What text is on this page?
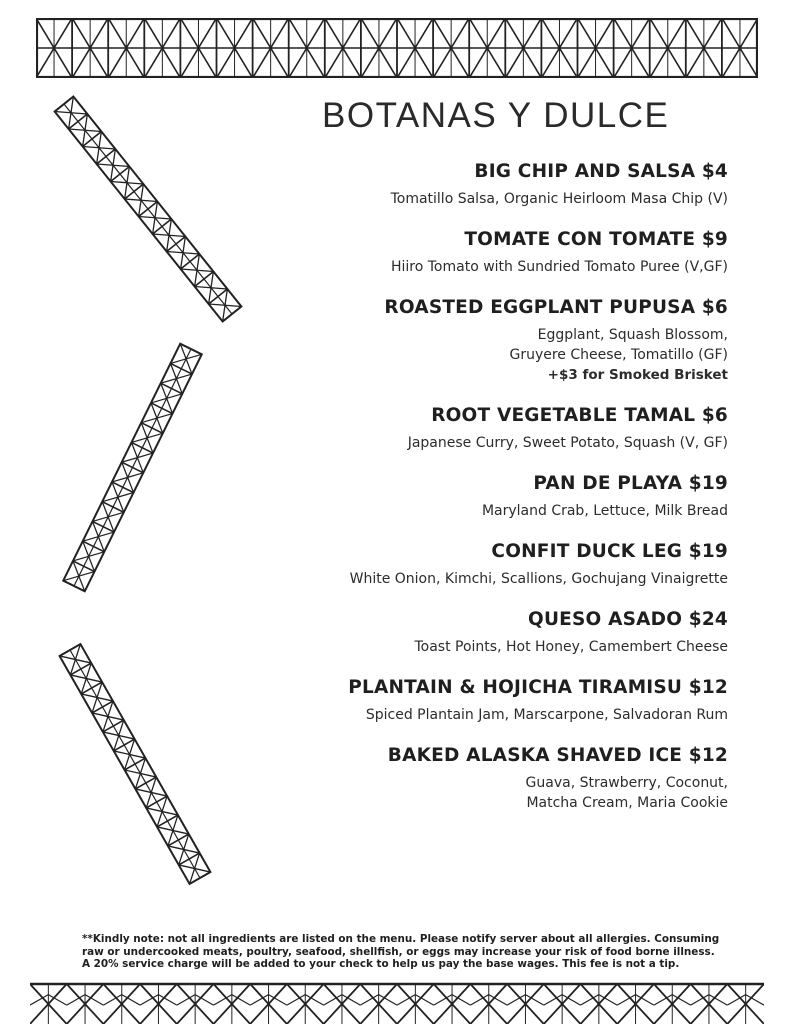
BOTANAS Y DULCE
BIG CHIP AND SALSA $4
Tomatillo Salsa, Organic Heirloom Masa Chip (V)
TOMATE CON TOMATE $9
Hiiro Tomato with Sundried Tomato Puree (V,GF)
ROASTED EGGPLANT PUPUSA $6
Eggplant, Squash Blossom,
Gruyere Cheese, Tomatillo (GF)
+$3 for Smoked Brisket
ROOT VEGETABLE TAMAL $6
Japanese Curry, Sweet Potato, Squash (V, GF)
PAN DE PLAYA $19
Maryland Crab, Lettuce, Milk Bread
CONFIT DUCK LEG $19
White Onion, Kimchi, Scallions, Gochujang Vinaigrette
QUESO ASADO $24
Toast Points, Hot Honey, Camembert Cheese
PLANTAIN & HOJICHA TIRAMISU $12
Spiced Plantain Jam, Marscarpone, Salvadoran Rum
BAKED ALASKA SHAVED ICE $12
Guava, Strawberry, Coconut,
Matcha Cream, Maria Cookie
**Kindly note: not all ingredients are listed on the menu. Please notify server about all allergies. Consuming
raw or undercooked meats, poultry, seafood, shellfish, or eggs may increase your risk of food borne illness.
A 20% service charge will be added to your check to help us pay the base wages. This fee is not a tip.
